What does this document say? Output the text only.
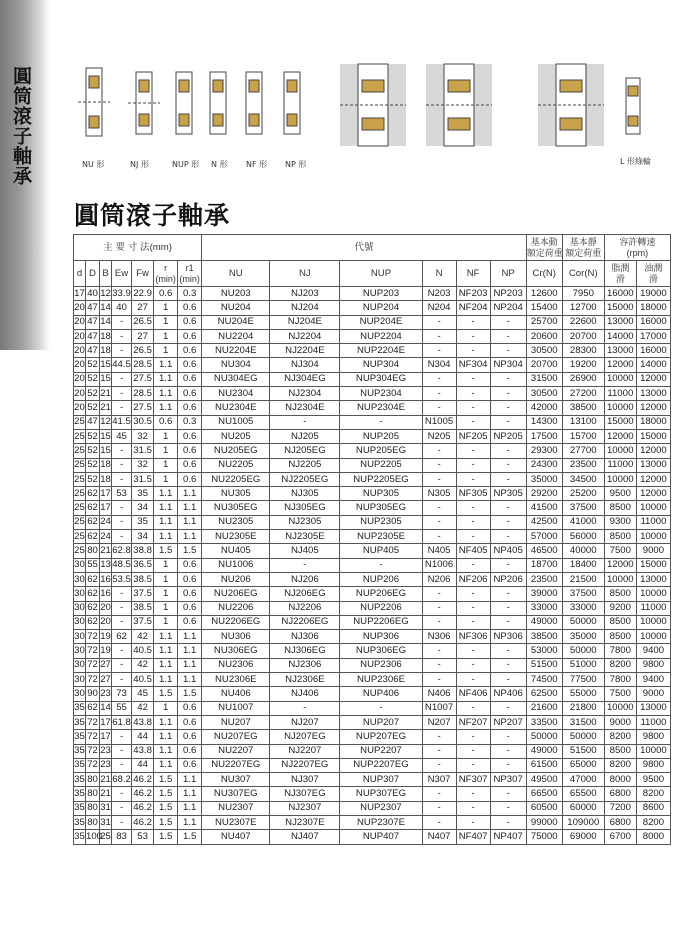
圓筒滾子軸承	NU 形	NJ 形	NUP 形 N 形 NF 形 NP 形	L 形綠輪
圓筒滾子軸承
主 要 寸 法(mm)							代號						基本動
額定荷重	基本靜
額定荷重	容許轉速
(rpm)	

d	D	B	Ew	Fw	r
(min)	r1
(min)	NU	NJ	NUP	N	NF	NP	Cr(N)	Cor(N)	脂潤
滑	油潤
滑

17	40	12	33.9	22.9	0.6	0.3	NU203	NJ203	NUP203	N203	NF203	NP203	12600	7950	16000	19000
20	47	14	40	27	1	0.6	NU204	NJ204	NUP204	N204	NF204	NP204	15400	12700	15000	18000
20	47	14	-	26.5	1	0.6	NU204E	NJ204E	NUP204E	-	-	-	25700	22600	13000	16000
20	47	18	-	27	1	0.6	NU2204	NJ2204	NUP2204	-	-	-	20600	20700	14000	17000
20	47	18	-	26.5	1	0.6	NU2204E	NJ2204E	NUP2204E	-	-	-	30500	28300	13000	16000
20	52	15	44.5	28.5	1.1	0.6	NU304	NJ304	NUP304	N304	NF304	NP304	20700	19200	12000	14000
20	52	15	-	27.5	1.1	0.6	NU304EG	NJ304EG	NUP304EG	-	-	-	31500	26900	10000	12000
20	52	21	-	28.5	1.1	0.6	NU2304	NJ2304	NUP2304	-	-	-	30500	27200	11000	13000
20	52	21	-	27.5	1.1	0.6	NU2304E	NJ2304E	NUP2304E	-	-	-	42000	38500	10000	12000
25	47	12	41.5	30.5	0.6	0.3	NU1005	-	-	N1005	-	-	14300	13100	15000	18000
25	52	15	45	32	1	0.6	NU205	NJ205	NUP205	N205	NF205	NP205	17500	15700	12000	15000
25	52	15	-	31.5	1	0.6	NU205EG	NJ205EG	NUP205EG	-	-	-	29300	27700	10000	12000
25	52	18	-	32	1	0.6	NU2205	NJ2205	NUP2205	-	-	-	24300	23500	11000	13000
25	52	18	-	31.5	1	0.6	NU2205EG	NJ2205EG	NUP2205EG	-	-	-	35000	34500	10000	12000
25	62	17	53	35	1.1	1.1	NU305	NJ305	NUP305	N305	NF305	NP305	29200	25200	9500	12000
25	62	17	-	34	1.1	1.1	NU305EG	NJ305EG	NUP305EG	-	-	-	41500	37500	8500	10000
25	62	24	-	35	1.1	1.1	NU2305	NJ2305	NUP2305	-	-	-	42500	41000	9300	11000
25	62	24	-	34	1.1	1.1	NU2305E	NJ2305E	NUP2305E	-	-	-	57000	56000	8500	10000
25	80	21	62.8	38.8	1.5	1.5	NU405	NJ405	NUP405	N405	NF405	NP405	46500	40000	7500	9000
30	55	13	48.5	36.5	1	0.6	NU1006	-	-	N1006	-	-	18700	18400	12000	15000
30	62	16	53.5	38.5	1	0.6	NU206	NJ206	NUP206	N206	NF206	NP206	23500	21500	10000	13000
30	62	16	-	37.5	1	0.6	NU206EG	NJ206EG	NUP206EG	-	-	-	39000	37500	8500	10000
30	62	20	-	38.5	1	0.6	NU2206	NJ2206	NUP2206	-	-	-	33000	33000	9200	11000
30	62	20	-	37.5	1	0.6	NU2206EG	NJ2206EG	NUP2206EG	-	-	-	49000	50000	8500	10000
30	72	19	62	42	1.1	1.1	NU306	NJ306	NUP306	N306	NF306	NP306	38500	35000	8500	10000
30	72	19	-	40.5	1.1	1.1	NU306EG	NJ306EG	NUP306EG	-	-	-	53000	50000	7800	9400
30	72	27	-	42	1.1	1.1	NU2306	NJ2306	NUP2306	-	-	-	51500	51000	8200	9800
30	72	27	-	40.5	1.1	1.1	NU2306E	NJ2306E	NUP2306E	-	-	-	74500	77500	7800	9400
30	90	23	73	45	1.5	1.5	NU406	NJ406	NUP406	N406	NF406	NP406	62500	55000	7500	9000
35	62	14	55	42	1	0.6	NU1007	-	-	N1007	-	-	21600	21800	10000	13000
35	72	17	61.8	43.8	1.1	0.6	NU207	NJ207	NUP207	N207	NF207	NP207	33500	31500	9000	11000
35	72	17	-	44	1.1	0.6	NU207EG	NJ207EG	NUP207EG	-	-	-	50000	50000	8200	9800
35	72	23	-	43.8	1.1	0.6	NU2207	NJ2207	NUP2207	-	-	-	49000	51500	8500	10000
35	72	23	-	44	1.1	0.6	NU2207EG	NJ2207EG	NUP2207EG	-	-	-	61500	65000	8200	9800
35	80	21	68.2	46.2	1.5	1.1	NU307	NJ307	NUP307	N307	NF307	NP307	49500	47000	8000	9500
35	80	21	-	46.2	1.5	1.1	NU307EG	NJ307EG	NUP307EG	-	-	-	66500	65500	6800	8200
35	80	31	-	46.2	1.5	1.1	NU2307	NJ2307	NUP2307	-	-	-	60500	60000	7200	8600
35	80	31	-	46.2	1.5	1.1	NU2307E	NJ2307E	NUP2307E	-	-	-	99000	109000	6800	8200
35	100	25	83	53	1.5	1.5	NU407	NJ407	NUP407	N407	NF407	NP407	75000	69000	6700	8000
